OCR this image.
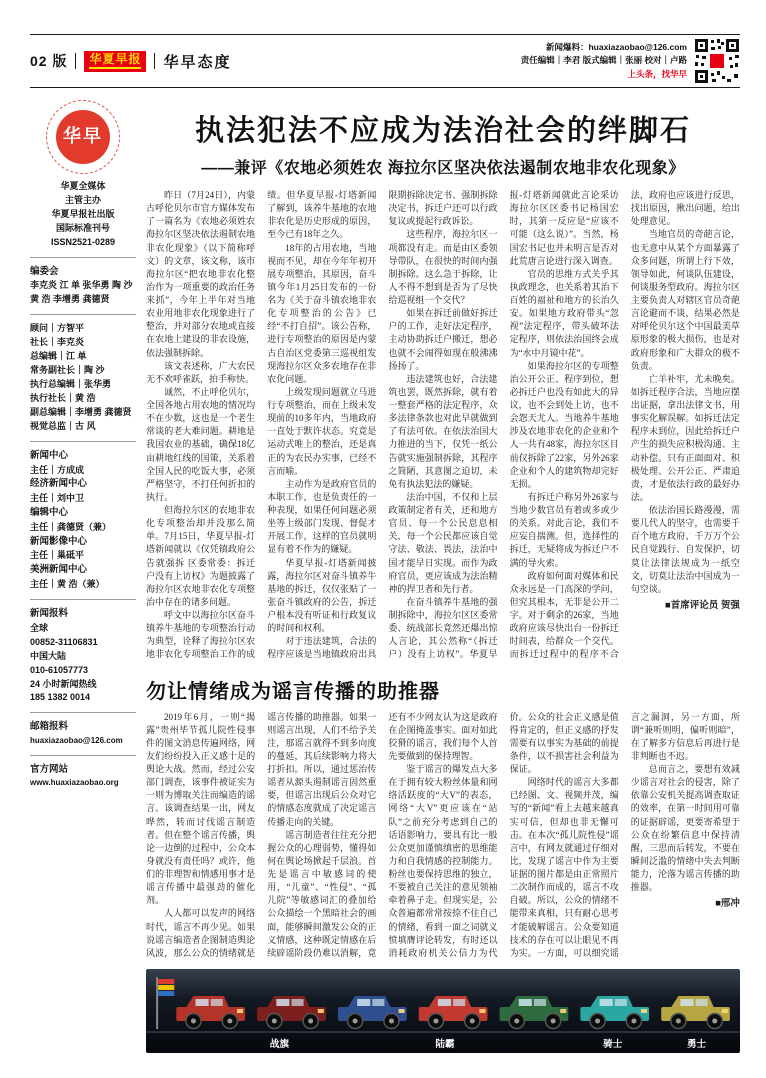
02 版 华夏早报 华早态度
新闻爆料：huaxiazaobao@126.com
责任编辑｜李君 版式编辑｜张丽 校对｜卢路
上头条，找华早
华早
华夏全媒体
主管主办
华夏早报社出版
国际标准刊号
ISSN2521-0289
编委会
李克炎 江 单 张华勇 陶 沙 黄 浩 李增勇 龚德贤
顾问｜方智平
社长｜李克炎
总编辑｜江 单
常务副社长｜陶 沙
执行总编辑｜张华勇
执行社长｜黄 浩
副总编辑｜李增勇 龚德贤
视觉总监｜古 风
新闻中心
主任｜方成成
经济新闻中心
主任｜刘中卫
编辑中心
主任｜龚德贤（兼）
新闻影像中心
主任｜巢砥平
美洲新闻中心
主任｜黄 浩（兼）
新闻报料
全球
00852-31106831
中国大陆
010-61057773
24 小时新闻热线
185 1382 0014
邮箱报料
huaxiazaobao@126.com
官方网站
www.huaxiazaobao.org
执法犯法不应成为法治社会的绊脚石
——兼评《农地必须姓农 海拉尔区坚决依法遏制农地非农化现象》

昨日（7月24日），内蒙古呼伦贝尔市官方媒体发布了一篇名为《农地必须姓农 海拉尔区坚决依法遏制农地非农化现象》（以下简称呼文）的文章，该文称，该市海拉尔区“把农地非农化整治作为一项重要的政治任务来抓”，今年上半年对当地农业用地非农化现象进行了整治，并对部分农地或直接在农地上建设的非农设施，依法强制拆除。

该文表述称，广大农民无不欢呼雀跃，拍手称快。

诚然，不止呼伦贝尔，全国各地占用农地的情况均不在少数，这也是一个老生常谈的老大难问题。耕地是我国农业的基础，确保18亿亩耕地红线的国策，关系着全国人民的吃饭大事，必须严格坚守，不打任何折扣的执行。

但海拉尔区的农地非农化专项整治却并没那么简单。7月15日，华夏早报-灯塔新闻就以《仅凭镇政府公告就强拆 区委常委：拆迁户没有上访权》为题披露了海拉尔区农地非农化专项整治中存在的诸多问题。

呼文中以海拉尔区奋斗镇养牛基地的专项整治行动为典型，诠释了海拉尔区农地非农化专项整治工作的成绩。但华夏早报-灯塔新闻了解到，该养牛基地的农地非农化是历史形成的原因，至今已有18年之久。

18年的占用农地，当地视而不见，却在今年年初开展专项整治，其原因，奋斗镇今年1月25日发布的一份名为《关于奋斗镇农地非农化专项整治的公告》已经“不打自招”。该公告称，进行专项整治的原因是内蒙古自治区党委第三巡视组发现海拉尔区众多农地存在非农化问题。

上级发现问题就立马进行专项整治，而在上级未发现前的10多年内，当地政府一直处于默许状态。究竟是运动式唯上的整治，还是真正的为农民办实事，已经不言而喻。

主动作为是政府官员的本职工作，也是负责任的一种表现，如果任何问题必须坐等上级部门发现、督促才开展工作，这样的官员就明显有着不作为的嫌疑。

华夏早报-灯塔新闻披露，海拉尔区对奋斗镇养牛基地的拆迁，仅仅张贴了一张奋斗镇政府的公告，拆迁户根本没有听证和行政复议的时间和权利。

对于违法建筑，合法的程序应该是当地镇政府出具限期拆除决定书、强制拆除决定书，拆迁户还可以行政复议或提起行政诉讼。

这些程序，海拉尔区一项都没有走。而是由区委领导带队，在很快的时间内强制拆除。这么急于拆除，让人不得不想到是否为了尽快给巡视组一个交代？

如果在拆迁前做好拆迁户的工作，走好法定程序，主动协助拆迁户搬迁，想必也就不会闹得如现在般沸沸扬扬了。

违法建筑也好，合法建筑也罢，既然拆除，就有着一整套严格的法定程序，众多法律条款也对此早就做到了有法可依。在依法治国大力推进的当下，仅凭一纸公告就实施强制拆除，其程序之简陋，其意图之迫切，未免有执法犯法的嫌疑。

法治中国，不仅和上层政策制定者有关，还和地方官员、每一个公民息息相关，每一个公民都应该自觉守法、敬法、畏法，法治中国才能早日实现。而作为政府官员，更应该成为法治精神的捍卫者和先行者。

在奋斗镇养牛基地的强制拆除中，海拉尔区区委常委、统战部长竟然还爆出惊人言论，其公然称“（拆迁户）没有上访权”。华夏早报-灯塔新闻就此言论采访海拉尔区区委书记杨国宏时，其第一反应是“应该不可能（这么说）”。当然，杨国宏书记也并未明言是否对此荒唐言论进行深入调查。

官员的思维方式关乎其执政理念，也关系着其治下百姓的福祉和地方的长治久安。如果地方政府带头“忽视”法定程序，带头破坏法定程序，则依法治国终会成为“水中月镜中花”。

如果海拉尔区的专项整治公开公正、程序到位，想必拆迁户也没有如此大的异议，也不会到处上访，也不会怨天尤人。当地养牛基地涉及农地非农化的企业和个人一共有48家，海拉尔区目前仅拆除了22家，另外26家企业和个人的建筑物却完好无损。

有拆迁户称另外26家与当地少数官员有着或多或少的关系。对此言论，我们不应妄自揣测。但，选择性的拆迁，无疑将成为拆迁户不满的导火索。

政府如何面对媒体和民众永远是一门高深的学问，但究其根本，无非是公开二字。对于剩余的26家，当地政府应该尽快出台一份拆迁时间表，给群众一个交代。而拆迁过程中的程序不合法，政府也应该进行反思，找出原因，揪出问题，给出处理意见。

当地官员的奇葩言论，也无意中从某个方面暴露了众多问题，所谓上行下效，领导如此，何谈队伍建设，何谈服务型政府。海拉尔区主要负责人对辖区官员奇葩言论避而不谈，结果必然是对呼伦贝尔这个中国最美草原形象的极大损伤，也是对政府形象和广大群众的极不负责。

亡羊补牢，尤未晚矣。如拆迁程序合法，当地应摆出证据，拿出法律文书，用事实化解误解。如拆迁法定程序未到位，因此给拆迁户产生的损失应积极沟通、主动补偿。只有正面面对、积极处理、公开公正、严肃追责，才是依法行政的最好办法。

依法治国长路漫漫，需要几代人的坚守，也需要千百个地方政府、千万万个公民自觉践行、自发保护，切莫让法律法规成为一纸空文，切莫让法治中国成为一句空谈。

■首席评论员 贺强
勿让情绪成为谣言传播的助推器

2019年6月，一则“揭露”贵州毕节孤儿院性侵事件的图文消息传遍网络，网友们纷纷投入正义感十足的舆论大战。然而，经过公安部门调查，该事件被证实为一则为博取关注而编造的谣言。该调查结果一出，网友哗然，转而讨伐谣言制造者。但在整个谣言传播，舆论一边倒的过程中，公众本身就没有责任吗？或许，他们的非理智和情感用事才是谣言传播中最强劲的催化剂。

人人都可以发声的网络时代，谣言不再少见。如果说谣言编造者企图制造舆论风波，那么公众的情绪就是谣言传播的助推器。如果一则谣言出现，人们不给予关注，那谣言就得不到多向度的蔓延，其后续影响力将大打折扣。所以，通过惩治传谣者从源头遏制谣言固然重要，但谣言出现后公众对它的情感态度就成了决定谣言传播走向的关键。

谣言制造者往往充分把握公众的心理弱势，懂得如何在舆论场掀起千层浪。首先是谣言中敏感词的使用，“儿童”、“性侵”、“孤儿院”等敏感词汇的叠加给公众描绘一个黑暗社会的画面，能够瞬间激发公众的正义情感，这种既定情感在后续辟谣阶段仍难以消解，竟还有不少网友认为这是政府在企图掩盖事实。面对如此狡猾的谣言，我们每个人首先要做到的保持理智。

鉴于谣言的爆发点大多在于拥有较大粉丝体量和网络活跃度的“大V”的表态，网络“大V”更应该在“站队”之前充分考虑到自己的话语影响力，要具有比一般公众更加谨慎缜密的思维能力和自我情感的控制能力。粉丝也要保持思维的独立，不要被自己关注的意见领袖牵着鼻子走。但现实是，公众普遍都常常按捺不住自己的情绪，看到一面之词就义愤填膺评论转发，有时还以消耗政府机关公信力为代价。公众的社会正义感是值得肯定的，但正义感的抒发需要有以事实为基础的前提条件，以不损害社会利益为保证。

网络时代的谣言大多都已经图、文、视频并茂，编写的“新闻”看上去越来越真实可信，但却也非无懈可击。在本次“孤儿院性侵”谣言中，有网友就通过仔细对比，发现了谣言中作为主要证据的图片都是由正常照片二次制作而成的，谣言不攻自破。所以，公众的情绪不能带来真相，只有耐心思考才能破解谣言。公众要知道技术的存在可以让眼见不再为实。一方面，可以细究谣言之漏洞，另一方面，所谓“兼听则明，偏听则暗”，在了解多方信息后再进行是非判断也不迟。

总而言之，要想有效减少谣言对社会的侵害，除了依靠公安机关提高调查取证的效率，在第一时间用可靠的证据辟谣，更要寄希望于公众在纷繁信息中保持清醒，三思而后转发，不要在瞬间泛滥的情绪中失去判断能力，沦落为谣言传播的助推器。

■邢冲
战旗	陆霸	骑士	勇士
